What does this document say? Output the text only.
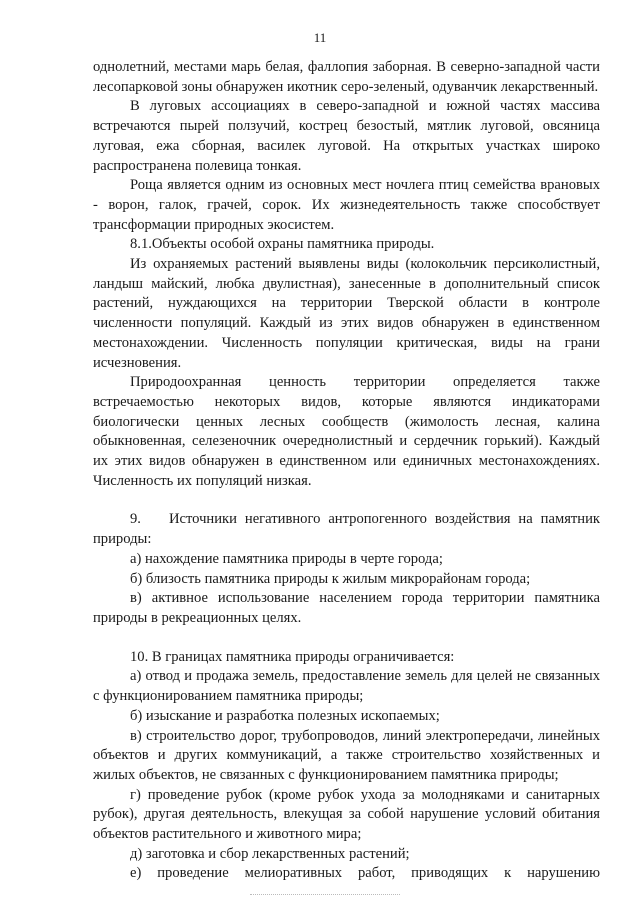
11

однолетний, местами марь белая, фаллопия заборная. В северно-западной части лесопарковой зоны обнаружен икотник серо-зеленый, одуванчик лекарственный.

В луговых ассоциациях в северо-западной и южной частях массива встречаются пырей ползучий, кострец безостый, мятлик луговой, овсяница луговая, ежа сборная, василек луговой. На открытых участках широко распространена полевица тонкая.

Роща является одним из основных мест ночлега птиц семейства врановых - ворон, галок, грачей, сорок. Их жизнедеятельность также способствует трансформации природных экосистем.

8.1.Объекты особой охраны памятника природы.

Из охраняемых растений выявлены виды (колокольчик персиколистный, ландыш майский, любка двулистная), занесенные в дополнительный список растений, нуждающихся на территории Тверской области в контроле численности популяций. Каждый из этих видов обнаружен в единственном местонахождении. Численность популяции критическая, виды на грани исчезновения.

Природоохранная ценность территории определяется также встречаемостью некоторых видов, которые являются индикаторами биологически ценных лесных сообществ (жимолость лесная, калина обыкновенная, селезеночник очереднолистный и сердечник горький). Каждый их этих видов обнаружен в единственном или единичных местонахождениях. Численность их популяций низкая.

9. Источники негативного антропогенного воздействия на памятник природы:

а) нахождение памятника природы в черте города;

б) близость памятника природы к жилым микрорайонам города;

в) активное использование населением города территории памятника природы в рекреационных целях.

10. В границах памятника природы ограничивается:

а) отвод и продажа земель, предоставление земель для целей не связанных с функционированием памятника природы;

б) изыскание и разработка полезных ископаемых;

в) строительство дорог, трубопроводов, линий электропередачи, линейных объектов и других коммуникаций, а также строительство хозяйственных и жилых объектов, не связанных с функционированием памятника природы;

г) проведение рубок (кроме рубок ухода за молодняками и санитарных рубок), другая деятельность, влекущая за собой нарушение условий обитания объектов растительного и животного мира;

д) заготовка и сбор лекарственных растений;

е) проведение мелиоративных работ, приводящих к нарушению
